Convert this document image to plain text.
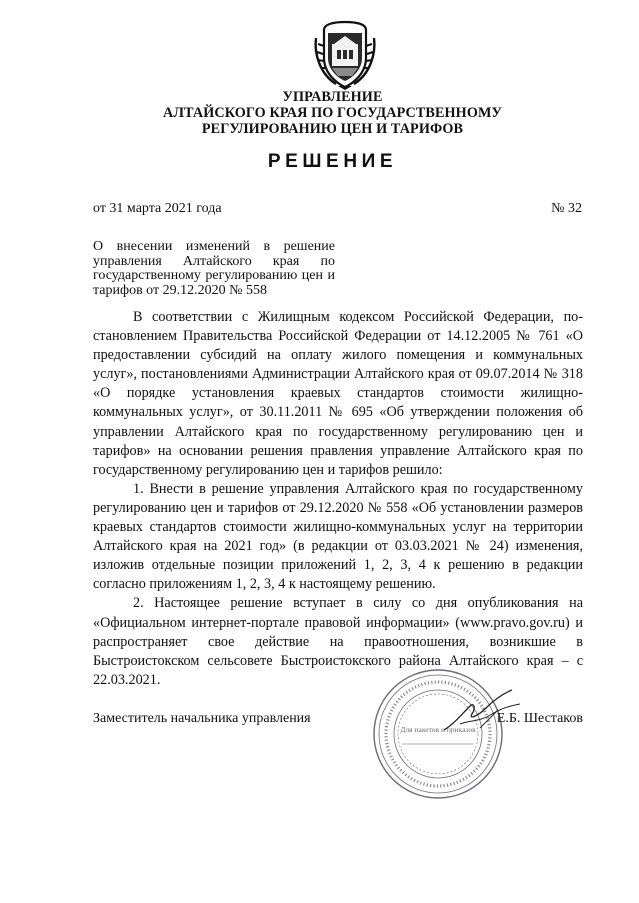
УПРАВЛЕНИЕ
АЛТАЙСКОГО КРАЯ ПО ГОСУДАРСТВЕННОМУ
РЕГУЛИРОВАНИЮ ЦЕН И ТАРИФОВ
РЕШЕНИЕ
от 31 марта 2021 года	№ 32
О внесении изменений в решение управления Алтайского края по государственному регулированию цен и тарифов от 29.12.2020 № 558

В соответствии с Жилищным кодексом Российской Федерации, постановлением Правительства Российской Федерации от 14.12.2005 № 761 «О предоставлении субсидий на оплату жилого помещения и коммунальных услуг», постановлениями Администрации Алтайского края от 09.07.2014 № 318 «О порядке установления краевых стандартов стоимости жилищно-коммунальных услуг», от 30.11.2011 № 695 «Об утверждении положения об управлении Алтайского края по государственному регулированию цен и тарифов» на основании решения правления управление Алтайского края по государственному регулированию цен и тарифов решило:

1. Внести в решение управления Алтайского края по государственному регулированию цен и тарифов от 29.12.2020 № 558 «Об установлении размеров краевых стандартов стоимости жилищно-коммунальных услуг на территории Алтайского края на 2021 год» (в редакции от 03.03.2021 № 24) изменения, изложив отдельные позиции приложений 1, 2, 3, 4 к решению в редакции согласно приложениям 1, 2, 3, 4 к настоящему решению.

2. Настоящее решение вступает в силу со дня опубликования на «Официальном интернет-портале правовой информации» (www.pravo.gov.ru) и распространяет свое действие на правоотношения, возникшие в Быстроистокском сельсовете Быстроистокского района Алтайского края – с 22.03.2021.

Для пакетов и приказов
Заместитель начальника управления	Е.Б. Шестаков
